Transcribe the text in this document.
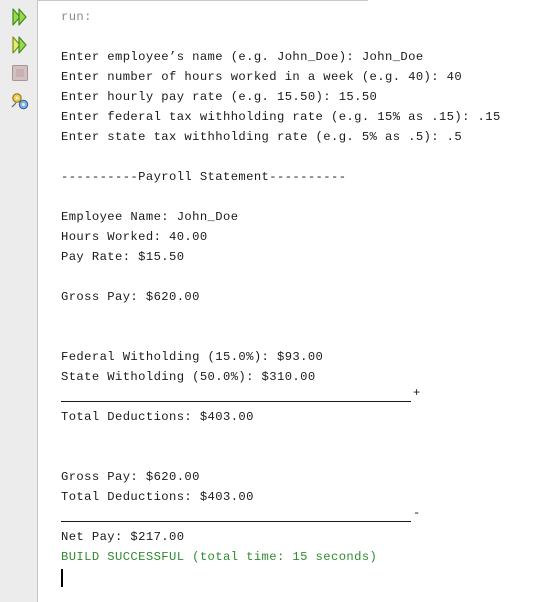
run:
Enter employee’s name (e.g. John_Doe): John_Doe
Enter number of hours worked in a week (e.g. 40): 40
Enter hourly pay rate (e.g. 15.50): 15.50
Enter federal tax withholding rate (e.g. 15% as .15): .15
Enter state tax withholding rate (e.g. 5% as .5): .5
----------Payroll Statement----------
Employee Name: John_Doe
Hours Worked: 40.00
Pay Rate: $15.50
Gross Pay: $620.00
Federal Witholding (15.0%): $93.00
State Witholding (50.0%): $310.00
+
Total Deductions: $403.00
Gross Pay: $620.00
Total Deductions: $403.00
-
Net Pay: $217.00
BUILD SUCCESSFUL (total time: 15 seconds)
